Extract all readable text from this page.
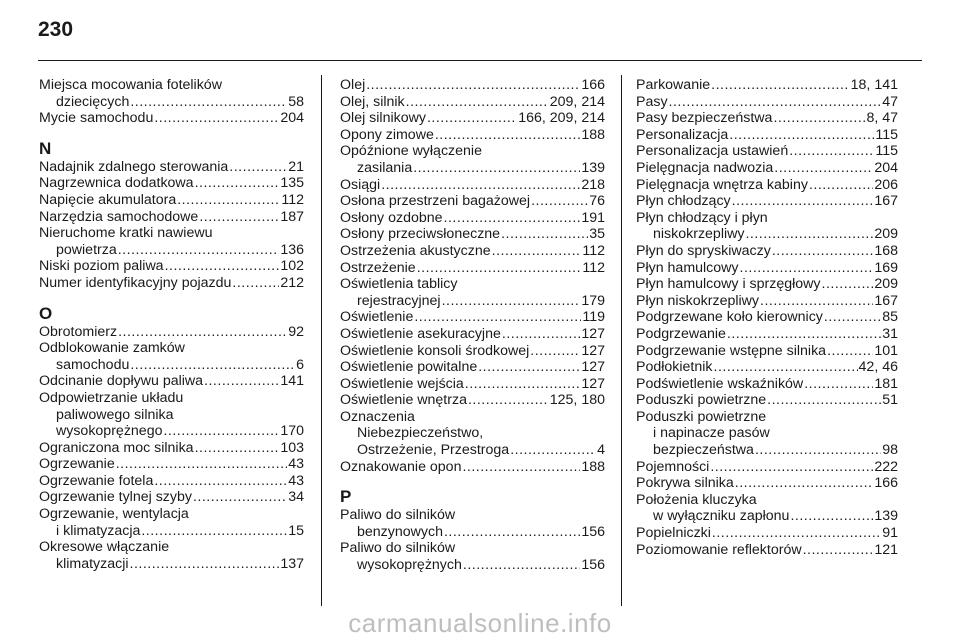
230
Miejsca mocowania fotelików
dziecięcych .....	58
Mycie samochodu .....	204
N
Nadajnik zdalnego sterowania .....	21
Nagrzewnica dodatkowa .....	135
Napięcie akumulatora .....	112
Narzędzia samochodowe .....	187
Nieruchome kratki nawiewu
powietrza .....	136
Niski poziom paliwa .....	102
Numer identyfikacyjny pojazdu .....	212
O
Obrotomierz .....	92
Odblokowanie zamków
samochodu .....	6
Odcinanie dopływu paliwa .....	141
Odpowietrzanie układu
paliwowego silnika
wysokoprężnego .....	170
Ograniczona moc silnika .....	103
Ogrzewanie .....	43
Ogrzewanie fotela .....	43
Ogrzewanie tylnej szyby .....	34
Ogrzewanie, wentylacja
i klimatyzacja .....	15
Okresowe włączanie
klimatyzacji .....	137
Olej .....	166
Olej, silnik .....	209, 214
Olej silnikowy .....	166, 209, 214
Opony zimowe .....	188
Opóźnione wyłączenie
zasilania .....	139
Osiągi .....	218
Osłona przestrzeni bagażowej .....	76
Osłony ozdobne .....	191
Osłony przeciwsłoneczne .....	35
Ostrzeżenia akustyczne .....	112
Ostrzeżenie .....	112
Oświetlenia tablicy
rejestracyjnej .....	179
Oświetlenie .....	119
Oświetlenie asekuracyjne .....	127
Oświetlenie konsoli środkowej .....	127
Oświetlenie powitalne .....	127
Oświetlenie wejścia .....	127
Oświetlenie wnętrza .....	125, 180
Oznaczenia
Niebezpieczeństwo,
Ostrzeżenie, Przestroga .....	4
Oznakowanie opon .....	188
P
Paliwo do silników
benzynowych .....	156
Paliwo do silników
wysokoprężnych .....	156
Parkowanie .....	18, 141
Pasy .....	47
Pasy bezpieczeństwa .....	8, 47
Personalizacja .....	115
Personalizacja ustawień .....	115
Pielęgnacja nadwozia .....	204
Pielęgnacja wnętrza kabiny .....	206
Płyn chłodzący .....	167
Płyn chłodzący i płyn
niskokrzepliwy .....	209
Płyn do spryskiwaczy .....	168
Płyn hamulcowy .....	169
Płyn hamulcowy i sprzęgłowy .....	209
Płyn niskokrzepliwy .....	167
Podgrzewane koło kierownicy .....	85
Podgrzewanie .....	31
Podgrzewanie wstępne silnika .....	101
Podłokietnik .....	42, 46
Podświetlenie wskaźników .....	181
Poduszki powietrzne .....	51
Poduszki powietrzne
i napinacze pasów
bezpieczeństwa .....	98
Pojemności .....	222
Pokrywa silnika .....	166
Położenia kluczyka
w wyłączniku zapłonu .....	139
Popielniczki .....	91
Poziomowanie reflektorów .....	121
carmanualsonline.info
